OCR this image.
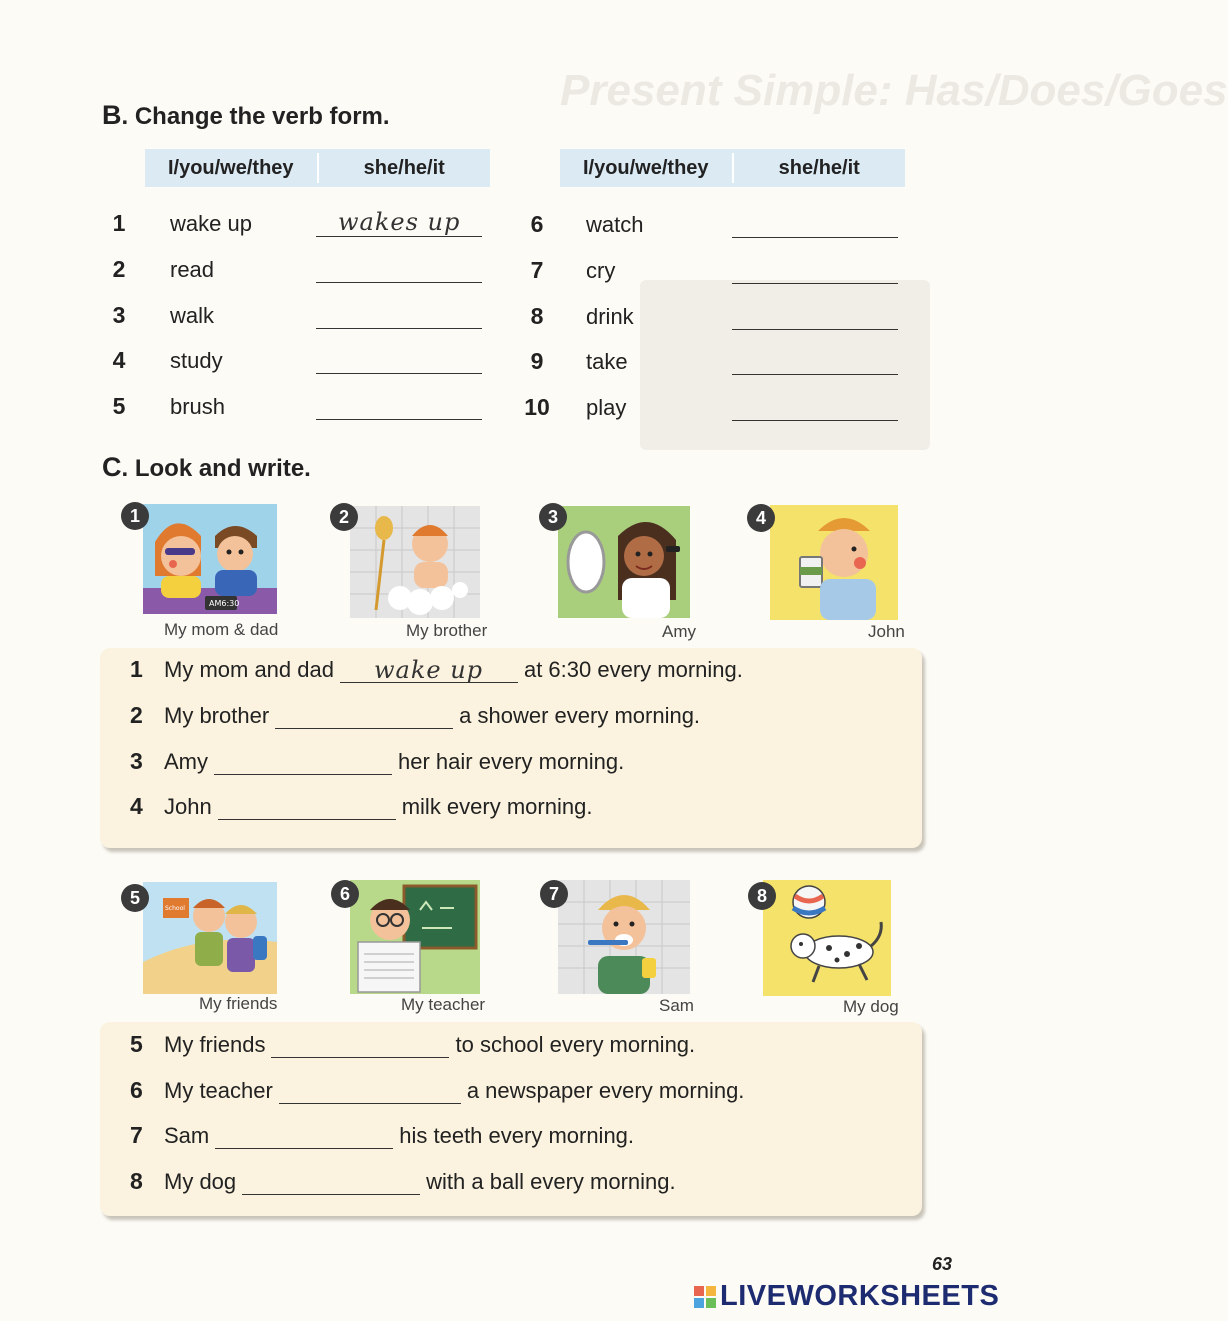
Present Simple: Has/Does/Goes
B. Change the verb form.
I/you/we/they	she/he/it	I/you/we/they	she/he/it
1	wake up	wakes up
2	read
3	walk
4	study
5	brush
6	watch
7	cry
8	drink
9	take
10	play
C. Look and write.
AM6:30
1
My mom & dad
2
My brother
3
Amy
4
John
1 My mom and dad wake up at 6:30 every morning.
2 My brother	a shower every morning.
3 Amy	her hair every morning.
4 John	milk every morning.
School
5
My friends
6
My teacher
7
Sam
8
My dog
5 My friends	to school every morning.
6 My teacher	a newspaper every morning.
7 Sam	his teeth every morning.
8 My dog	with a ball every morning.
63
LIVEWORKSHEETS
